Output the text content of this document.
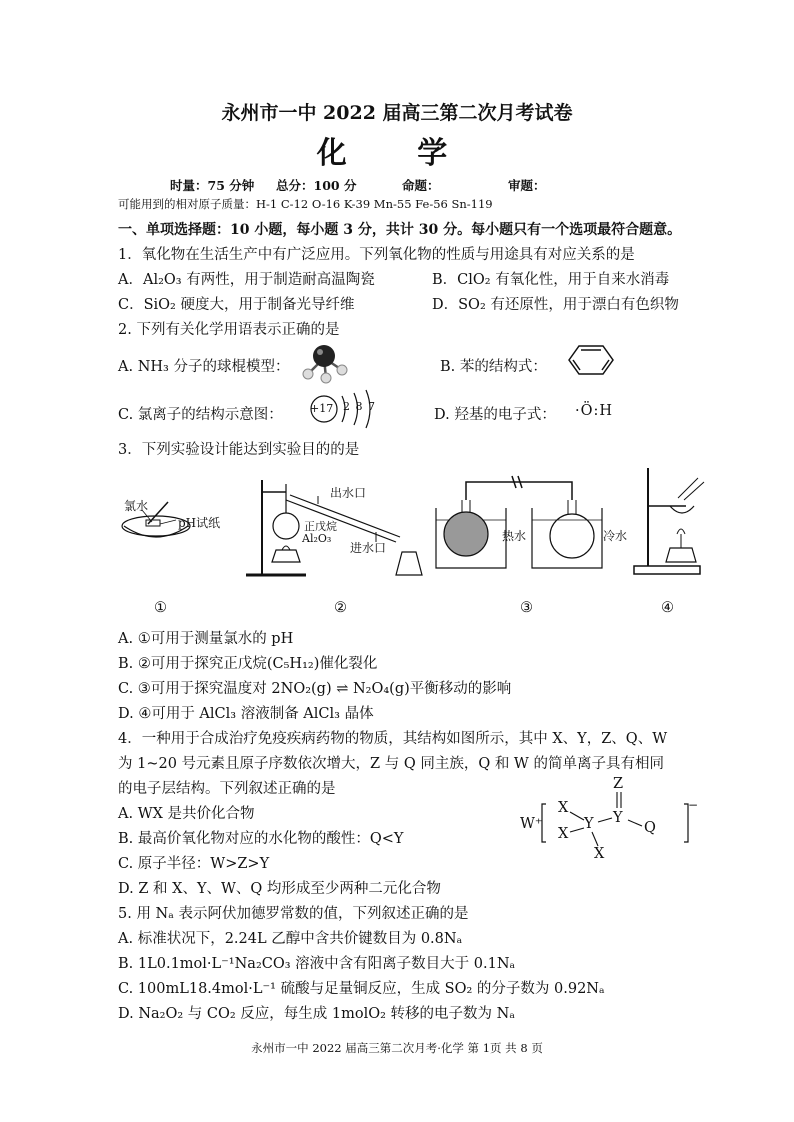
永州市一中 2022 届高三第二次月考试卷
化 学
时量：75 分钟 总分：100 分	命题：	审题：
可能用到的相对原子质量：H-1 C-12 O-16 K-39 Mn-55 Fe-56 Sn-119
一、单项选择题：10 小题，每小题 3 分，共计 30 分。每小题只有一个选项最符合题意。
1．氧化物在生活生产中有广泛应用。下列氧化物的性质与用途具有对应关系的是
A．Al₂O₃ 有两性，用于制造耐高温陶瓷	B．ClO₂ 有氧化性，用于自来水消毒
C．SiO₂ 硬度大，用于制备光导纤维	D．SO₂ 有还原性，用于漂白有色织物
2. 下列有关化学用语表示正确的是
A. NH₃ 分子的球棍模型：	B. 苯的结构式：
C. 氯离子的结构示意图： +17 2 8 7
D. 羟基的电子式： ·Ö:H
3．下列实验设计能达到实验目的的是
氯水
pH试纸
出水口
正戊烷
Al₂O₃
进水口
热水	冷水
①	②	③	④
A. ①可用于测量氯水的 pH
B. ②可用于探究正戊烷(C₅H₁₂)催化裂化
C. ③可用于探究温度对 2NO₂(g) ⇌ N₂O₄(g)平衡移动的影响
D. ④可用于 AlCl₃ 溶液制备 AlCl₃ 晶体
4．一种用于合成治疗免疫疾病药物的物质，其结构如图所示，其中 X、Y，Z、Q、W
为 1~20 号元素且原子序数依次增大，Z 与 Q 同主族，Q 和 W 的简单离子具有相同
的电子层结构。下列叙述正确的是
A. WX 是共价化合物
B. 最高价氧化物对应的水化物的酸性：Q<Y
C. 原子半径：W>Z>Y
D. Z 和 X、Y、W、Q 均形成至少两种二元化合物
W⁺
X
X
Y
Z
Y
Q
X
−
5. 用 Nₐ 表示阿伏加德罗常数的值，下列叙述正确的是
A. 标准状况下，2.24L 乙醇中含共价键数目为 0.8Nₐ
B. 1L0.1mol·L⁻¹Na₂CO₃ 溶液中含有阳离子数目大于 0.1Nₐ
C. 100mL18.4mol·L⁻¹ 硫酸与足量铜反应，生成 SO₂ 的分子数为 0.92Nₐ
D. Na₂O₂ 与 CO₂ 反应，每生成 1molO₂ 转移的电子数为 Nₐ
永州市一中 2022 届高三第二次月考·化学 第 1页 共 8 页
